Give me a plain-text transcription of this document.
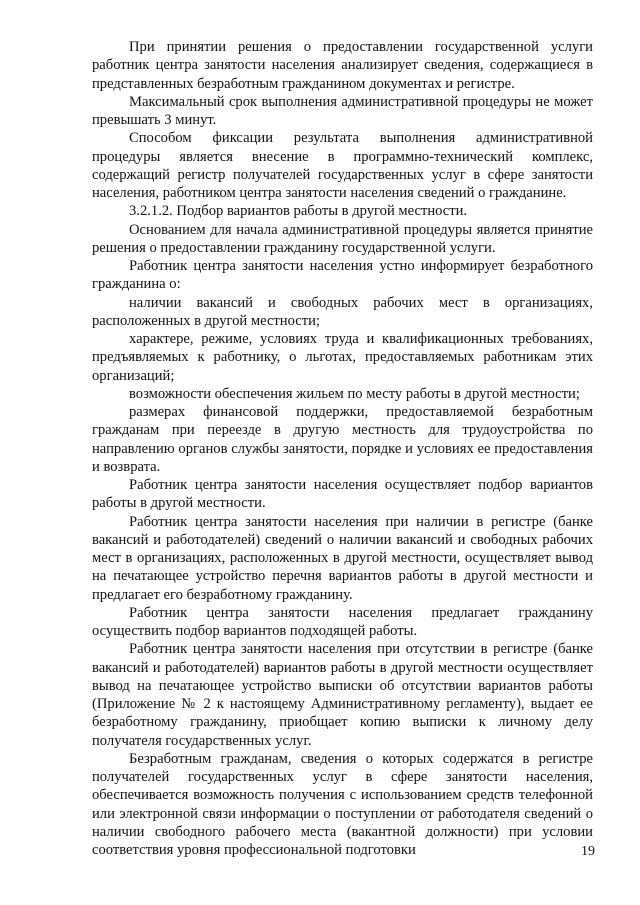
При принятии решения о предоставлении государственной услуги работник центра занятости населения анализирует сведения, содержащиеся в представленных безработным гражданином документах и регистре.

Максимальный срок выполнения административной процедуры не может превышать 3 минут.

Способом фиксации результата выполнения административной процедуры является внесение в программно-технический комплекс, содержащий регистр получателей государственных услуг в сфере занятости населения, работником центра занятости населения сведений о гражданине.

3.2.1.2. Подбор вариантов работы в другой местности.

Основанием для начала административной процедуры является принятие решения о предоставлении гражданину государственной услуги.

Работник центра занятости населения устно информирует безработного гражданина о:

наличии вакансий и свободных рабочих мест в организациях, расположенных в другой местности;

характере, режиме, условиях труда и квалификационных требованиях, предъявляемых к работнику, о льготах, предоставляемых работникам этих организаций;

возможности обеспечения жильем по месту работы в другой местности;

размерах финансовой поддержки, предоставляемой безработным гражданам при переезде в другую местность для трудоустройства по направлению органов службы занятости, порядке и условиях ее предоставления и возврата.

Работник центра занятости населения осуществляет подбор вариантов работы в другой местности.

Работник центра занятости населения при наличии в регистре (банке вакансий и работодателей) сведений о наличии вакансий и свободных рабочих мест в организациях, расположенных в другой местности, осуществляет вывод на печатающее устройство перечня вариантов работы в другой местности и предлагает его безработному гражданину.

Работник центра занятости населения предлагает гражданину осуществить подбор вариантов подходящей работы.

Работник центра занятости населения при отсутствии в регистре (банке вакансий и работодателей) вариантов работы в другой местности осуществляет вывод на печатающее устройство выписки об отсутствии вариантов работы (Приложение № 2 к настоящему Административному регламенту), выдает ее безработному гражданину, приобщает копию выписки к личному делу получателя государственных услуг.

Безработным гражданам, сведения о которых содержатся в регистре получателей государственных услуг в сфере занятости населения, обеспечивается возможность получения с использованием средств телефонной или электронной связи информации о поступлении от работодателя сведений о наличии свободного рабочего места (вакантной должности) при условии соответствия уровня профессиональной подготовки	19
